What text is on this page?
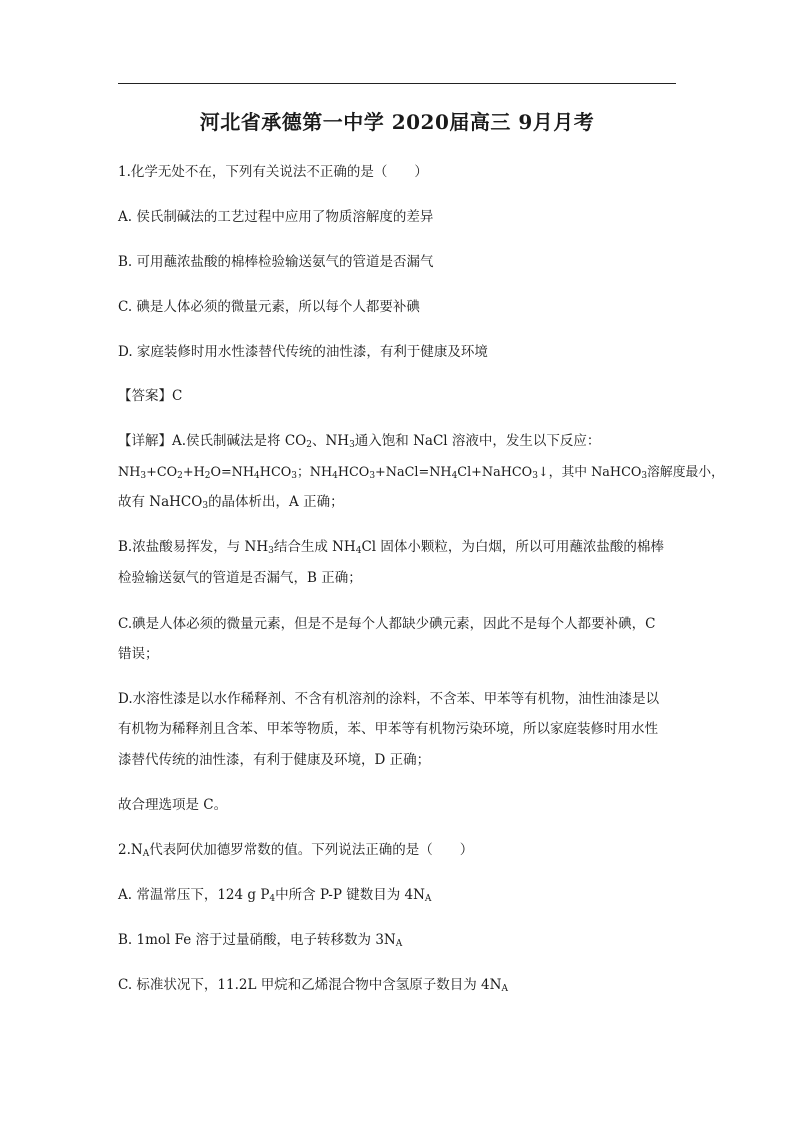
河北省承德第一中学 2020届高三 9月月考
1.化学无处不在，下列有关说法不正确的是（　　）
A. 侯氏制碱法的工艺过程中应用了物质溶解度的差异
B. 可用蘸浓盐酸的棉棒检验输送氨气的管道是否漏气
C. 碘是人体必须的微量元素，所以每个人都要补碘
D. 家庭装修时用水性漆替代传统的油性漆，有利于健康及环境
【答案】C
【详解】A.侯氏制碱法是将 $CO_2$、$NH_3$通入饱和 NaCl 溶液中，发生以下反应：
$NH_3+CO_2+H_2O=NH_4HCO_3$；$NH_4HCO_3+NaCl=NH_4Cl+NaHCO_3↓$，其中 NaHCO$_3$溶解度最小，
故有 NaHCO$_3$的晶体析出，A 正确；
B.浓盐酸易挥发，与 $NH_3$结合生成 $NH_4Cl$ 固体小颗粒，为白烟，所以可用蘸浓盐酸的棉棒
检验输送氨气的管道是否漏气，B 正确；
C.碘是人体必须的微量元素，但是不是每个人都缺少碘元素，因此不是每个人都要补碘，C
错误；
D.水溶性漆是以水作稀释剂、不含有机溶剂的涂料，不含苯、甲苯等有机物，油性油漆是以
有机物为稀释剂且含苯、甲苯等物质，苯、甲苯等有机物污染环境，所以家庭装修时用水性
漆替代传统的油性漆，有利于健康及环境，D 正确；
故合理选项是 C。
$2.N_A$代表阿伏加德罗常数的值。下列说法正确的是（　　）
A. 常温常压下，124 g $P_4$中所含 P-P 键数目为 $4N_A$
B. 1mol Fe 溶于过量硝酸，电子转移数为 $3N_A$
C. 标准状况下，11.2L 甲烷和乙烯混合物中含氢原子数目为 $4N_A$
